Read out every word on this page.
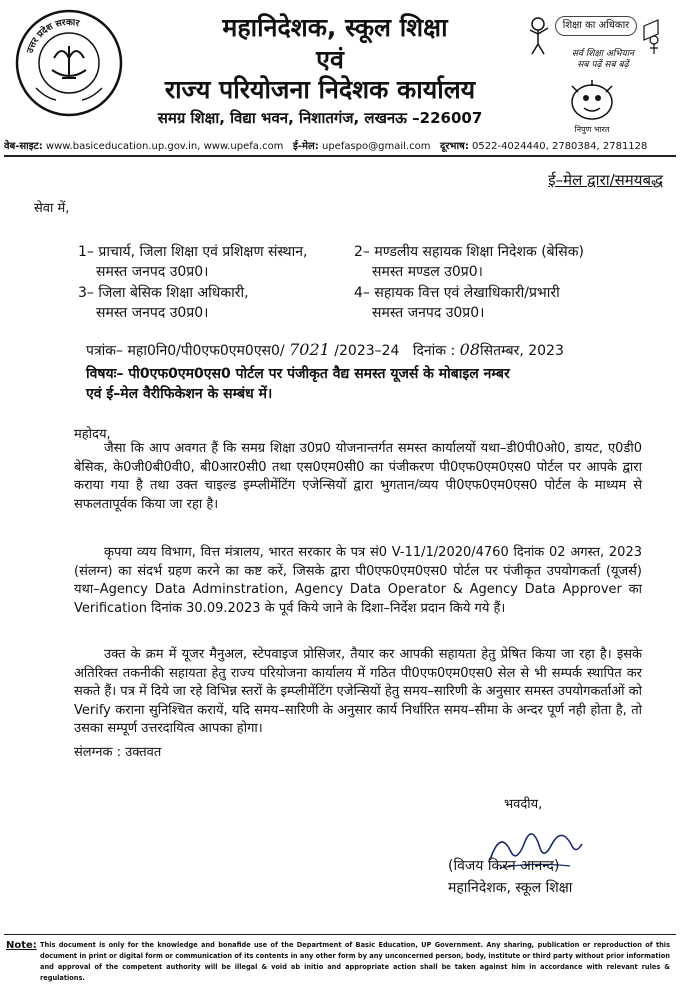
उत्तर प्रदेश सरकार	महानिदेशक, स्कूल शिक्षा
एवं
राज्य परियोजना निदेशक कार्यालय
समग्र शिक्षा, विद्या भवन, निशातगंज, लखनऊ –226007
शिक्षा का अधिकार
सर्व शिक्षा अभियान
सब पढ़ें सब बढ़ें
निपुण भारत
वेब-साइट: www.basiceducation.up.gov.in, www.upefa.com ई-मेल: upefaspo@gmail.com दूरभाष: 0522-4024440, 2780384, 2781128
ई–मेल द्वारा/समयबद्ध
सेवा में,
1– प्राचार्य, जिला शिक्षा एवं प्रशिक्षण संस्थान,
समस्त जनपद उ0प्र0।
2– मण्डलीय सहायक शिक्षा निदेशक (बेसिक)
समस्त मण्डल उ0प्र0।
3– जिला बेसिक शिक्षा अधिकारी,
समस्त जनपद उ0प्र0।
4– सहायक वित्त एवं लेखाधिकारी/प्रभारी
समस्त जनपद उ0प्र0।
पत्रांक– महा0नि0/पी0एफ0एम0एस0/ 7021 /2023–24 दिनांक : 08सितम्बर, 2023
विषयः– पी0एफ0एम0एस0 पोर्टल पर पंजीकृत वैद्य समस्त यूजर्स के मोबाइल नम्बर
एवं ई–मेल वैरीफिकेशन के सम्बंध में।
महोदय,
जैसा कि आप अवगत हैं कि समग्र शिक्षा उ0प्र0 योजनान्तर्गत समस्त कार्यालयों यथा–डी0पी0ओ0, डायट, ए0डी0 बेसिक, के0जी0बी0वी0, बी0आर0सी0 तथा एस0एम0सी0 का पंजीकरण पी0एफ0एम0एस0 पोर्टल पर आपके द्वारा कराया गया है तथा उक्त चाइल्ड इम्प्लीमेंटिंग एजेन्सियों द्वारा भुगतान/व्यय पी0एफ0एम0एस0 पोर्टल के माध्यम से सफलतापूर्वक किया जा रहा है।
कृपया व्यय विभाग, वित्त मंत्रालय, भारत सरकार के पत्र सं0 V-11/1/2020/4760 दिनांक 02 अगस्त, 2023 (संलग्न) का संदर्भ ग्रहण करने का कष्ट करें, जिसके द्वारा पी0एफ0एम0एस0 पोर्टल पर पंजीकृत उपयोगकर्ता (यूजर्स) यथा–Agency Data Adminstration, Agency Data Operator & Agency Data Approver का Verification दिनांक 30.09.2023 के पूर्व किये जाने के दिशा–निर्देश प्रदान किये गये हैं।
उक्त के क्रम में यूजर मैनुअल, स्टेपवाइज प्रोसिजर, तैयार कर आपकी सहायता हेतु प्रेषित किया जा रहा है। इसके अतिरिक्त तकनीकी सहायता हेतु राज्य परियोजना कार्यालय में गठित पी0एफ0एम0एस0 सेल से भी सम्पर्क स्थापित कर सकते हैं। पत्र में दिये जा रहे विभिन्न स्तरों के इम्प्लीमेंटिंग एजेन्सियों हेतु समय–सारिणी के अनुसार समस्त उपयोगकर्ताओं को Verify कराना सुनिश्चित करायें, यदि समय–सारिणी के अनुसार कार्य निर्धारित समय–सीमा के अन्दर पूर्ण नही होता है, तो उसका सम्पूर्ण उत्तरदायित्व आपका होगा।
संलग्नक : उक्तवत
भवदीय,
(विजय किरन आनन्द)
महानिदेशक, स्कूल शिक्षा
Note: This document is only for the knowledge and bonafide use of the Department of Basic Education, UP Government. Any sharing, publication or reproduction of this document in print or digital form or communication of its contents in any other form by any unconcerned person, body, institute or third party without prior information and approval of the competent authority will be illegal & void ab initio and appropriate action shall be taken against him in accordance with relevant rules & regulations.
